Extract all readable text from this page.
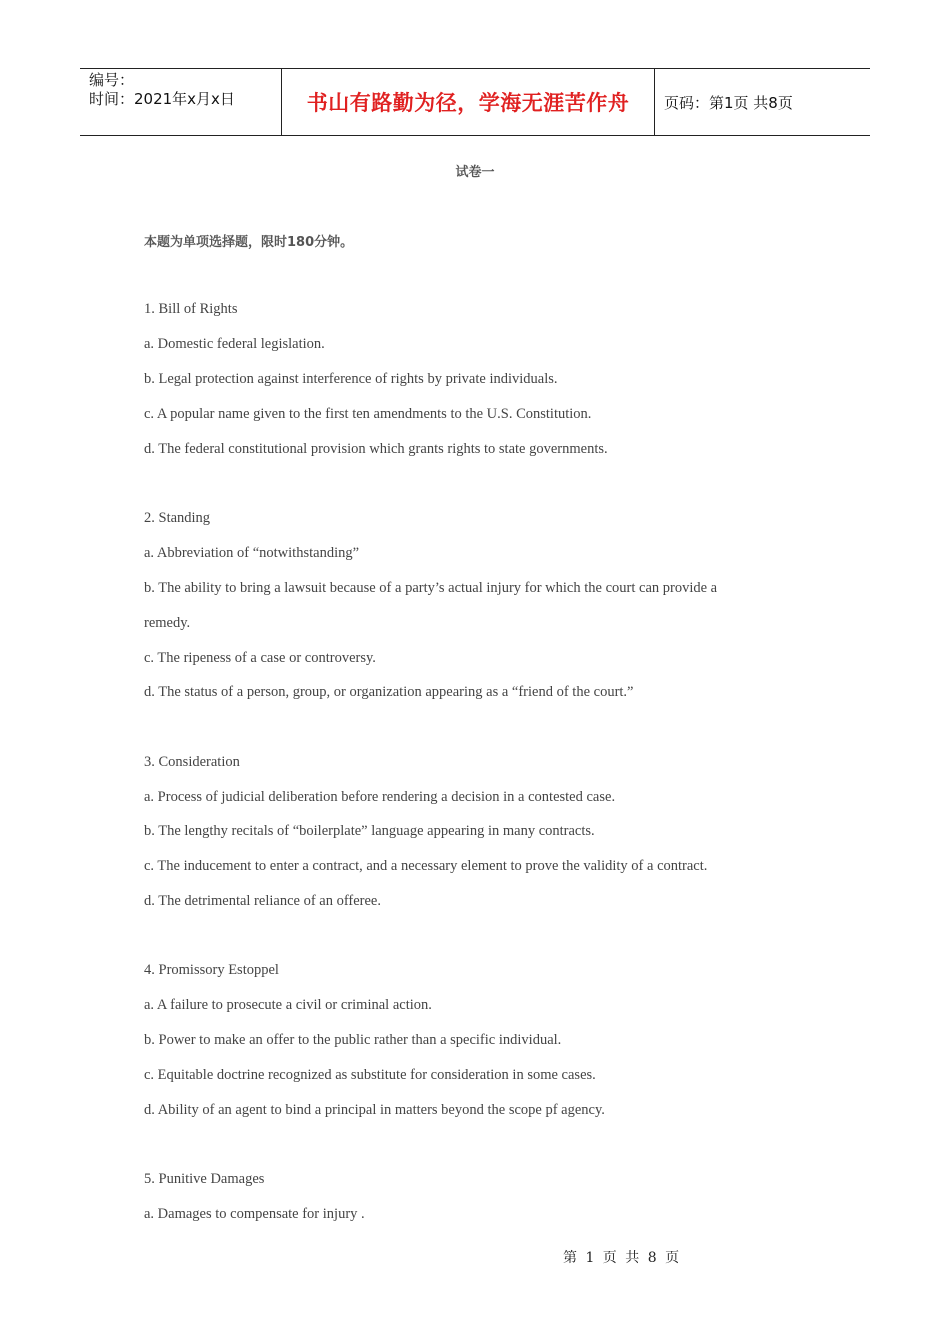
编号：
时间：2021年x月x日	书山有路勤为径，学海无涯苦作舟 页码：第1页 共8页
试卷一
本题为单项选择题，限时180分钟。
1. Bill of Rights
a. Domestic federal legislation.
b. Legal protection against interference of rights by private individuals.
c. A popular name given to the first ten amendments to the U.S. Constitution.
d. The federal constitutional provision which grants rights to state governments.
2. Standing
a. Abbreviation of “notwithstanding”
b. The ability to bring a lawsuit because of a party’s actual injury for which the court can provide a
remedy.
c. The ripeness of a case or controversy.
d. The status of a person, group, or organization appearing as a “friend of the court.”
3. Consideration
a. Process of judicial deliberation before rendering a decision in a contested case.
b. The lengthy recitals of “boilerplate” language appearing in many contracts.
c. The inducement to enter a contract, and a necessary element to prove the validity of a contract.
d. The detrimental reliance of an offeree.
4. Promissory Estoppel
a. A failure to prosecute a civil or criminal action.
b. Power to make an offer to the public rather than a specific individual.
c. Equitable doctrine recognized as substitute for consideration in some cases.
d. Ability of an agent to bind a principal in matters beyond the scope pf agency.
5. Punitive Damages
a. Damages to compensate for injury .
第 1 页 共 8 页
